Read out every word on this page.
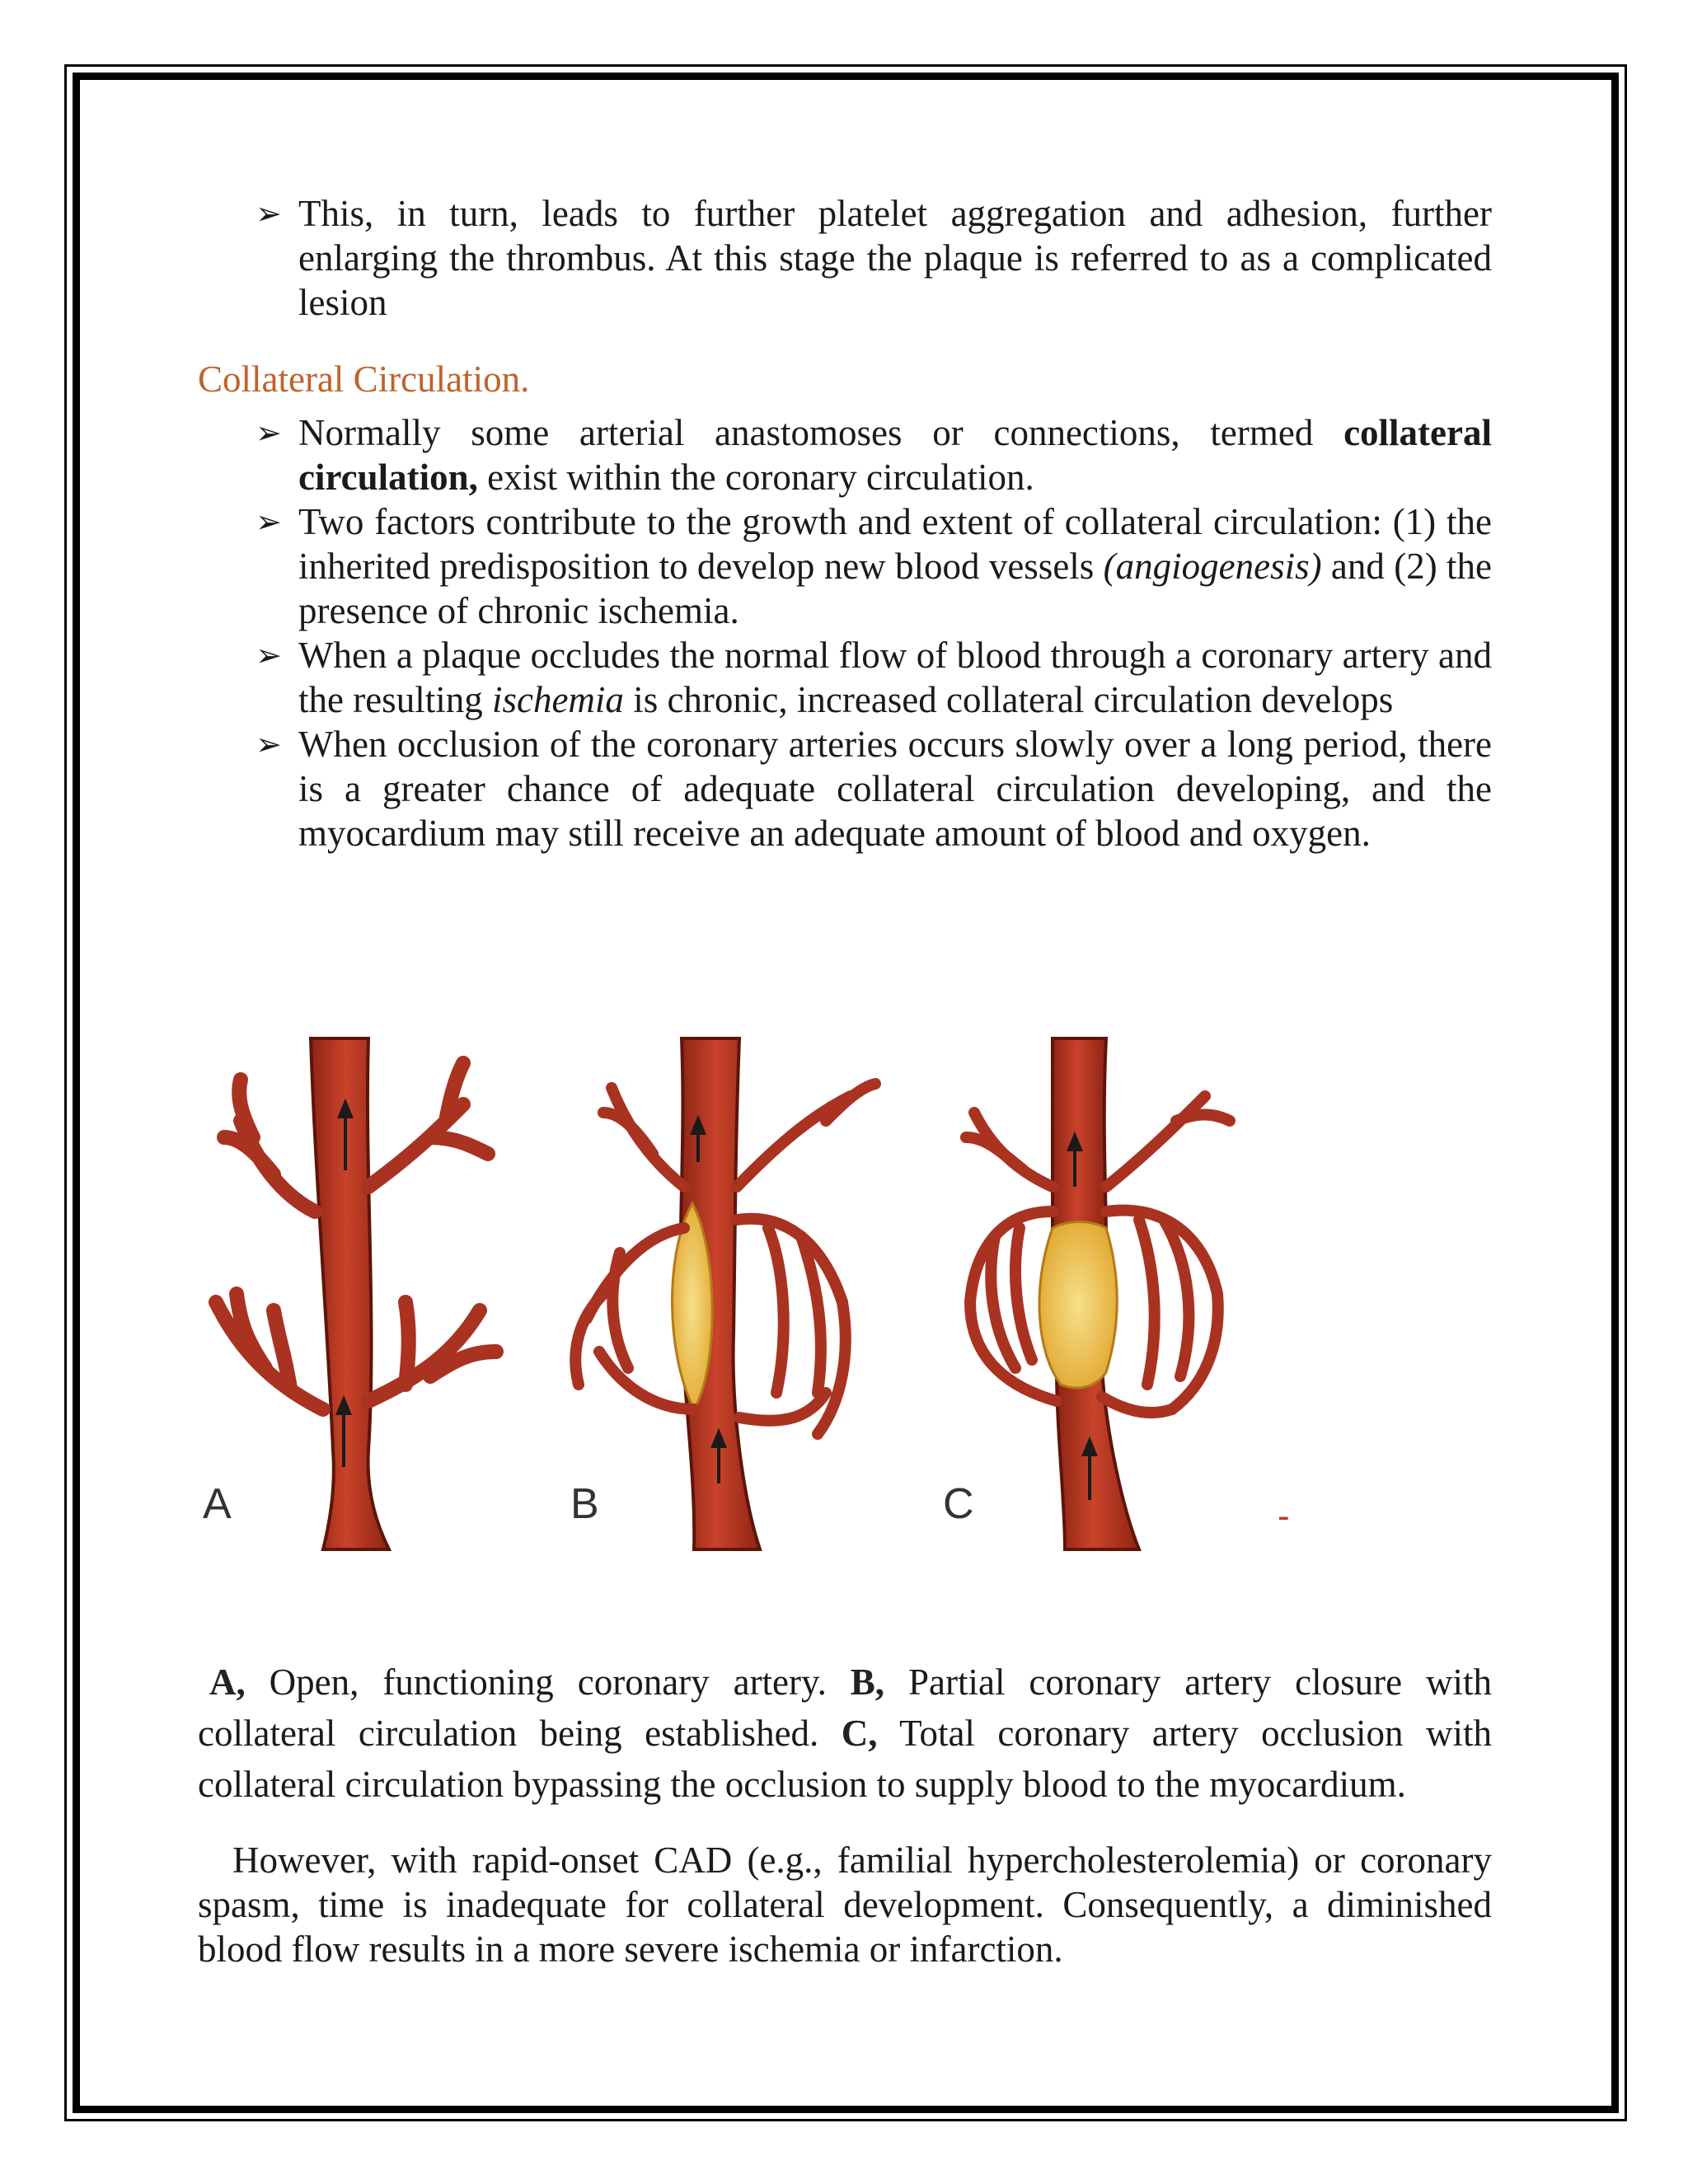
➢ This, in turn, leads to further platelet aggregation and adhesion, further enlarging the thrombus. At this stage the plaque is referred to as a complicated lesion
Collateral Circulation.
➢ Normally some arterial anastomoses or connections, termed collateral circulation, exist within the coronary circulation.
➢ Two factors contribute to the growth and extent of collateral circulation: (1) the inherited predisposition to develop new blood vessels (angiogenesis) and (2) the presence of chronic ischemia.
➢ When a plaque occludes the normal flow of blood through a coronary artery and the resulting ischemia is chronic, increased collateral circulation develops
➢ When occlusion of the coronary arteries occurs slowly over a long period, there is a greater chance of adequate collateral circulation developing, and the myocardium may still receive an adequate amount of blood and oxygen.
A	B	C	-
A, Open, functioning coronary artery. B, Partial coronary artery closure with collateral circulation being established. C, Total coronary artery occlusion with collateral circulation bypassing the occlusion to supply blood to the myocardium.
However, with rapid-onset CAD (e.g., familial hypercholesterolemia) or coronary spasm, time is inadequate for collateral development. Consequently, a diminished blood flow results in a more severe ischemia or infarction.
